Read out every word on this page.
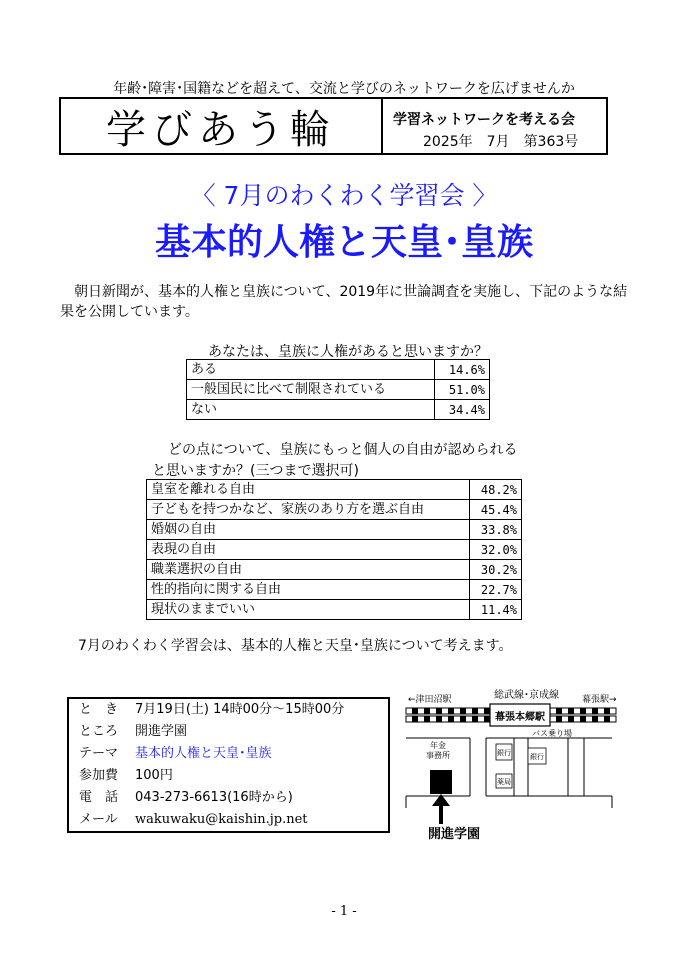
年齢･障害･国籍などを超えて、交流と学びのネットワークを広げませんか
学びあう輪	学習ネットワークを考える会
2025年 7月 第363号
〈 7月のわくわく学習会 〉
基本的人権と天皇･皇族
朝日新聞が、基本的人権と皇族について、2019年に世論調査を実施し、下記のような結果を公開しています。
あなたは、皇族に人権があると思いますか？
ある	14.6%
一般国民に比べて制限されている	51.0%
ない	34.4%
どの点について、皇族にもっと個人の自由が認められる
と思いますか？(三つまで選択可)
皇室を離れる自由	48.2%
子どもを持つかなど、家族のあり方を選ぶ自由	45.4%
婚姻の自由	33.8%
表現の自由	32.0%
職業選択の自由	30.2%
性的指向に関する自由	22.7%
現状のままでいい	11.4%
7月のわくわく学習会は、基本的人権と天皇･皇族について考えます。
と　き	7月19日(土) 14時00分～15時00分
ところ	開進学園
テーマ	基本的人権と天皇･皇族
参加費	100円
電　話	043-273-6613(16時から)
メール	wakuwaku@kaishin.jp.net
←津田沼駅	総武線･京成線	幕張駅→
幕張本郷駅
年金
事務所	銀行
薬局
バス乗り場
銀行
開進学園
- 1 -
